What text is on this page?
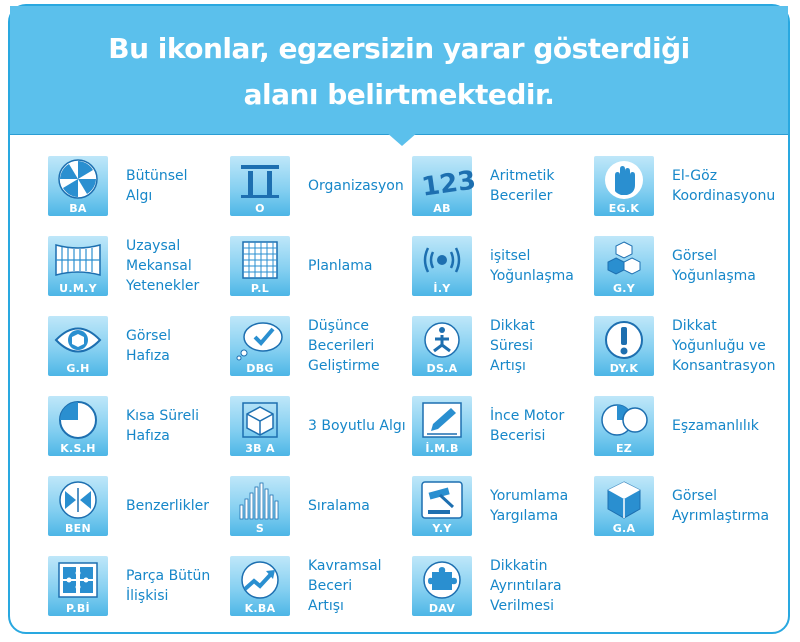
Bu ikonlar, egzersizin yarar gösterdiği
alanı belirtmektedir.
BA
Bütünsel
Algı
O
Organizasyon 123
AB
Aritmetik
Beceriler
EG.K
El-Göz
Koordinasyonu
U.M.Y
Uzaysal
Mekansal
Yetenekler	P.L
Planlama
İ.Y
işitsel
Yoğunlaşma
G.Y
Görsel
Yoğunlaşma
G.H
Görsel
Hafıza
DBG
Düşünce
Becerileri
Geliştirme	DS.A
Dikkat
Süresi
Artışı	DY.K
Dikkat
Yoğunluğu ve
Konsantrasyon
K.S.H
Kısa Süreli
Hafıza
3B A
3 Boyutlu Algı
İ.M.B
İnce Motor
Becerisi
EZ
Eşzamanlılık
BEN
Benzerlikler
S
Sıralama
Y.Y
Yorumlama
Yargılama
G.A
Görsel
Ayrımlaştırma
P.Bİ
Parça Bütün
İlişkisi
K.BA
Kavramsal
Beceri
Artışı	DAV
Dikkatin
Ayrıntılara
Verilmesi
